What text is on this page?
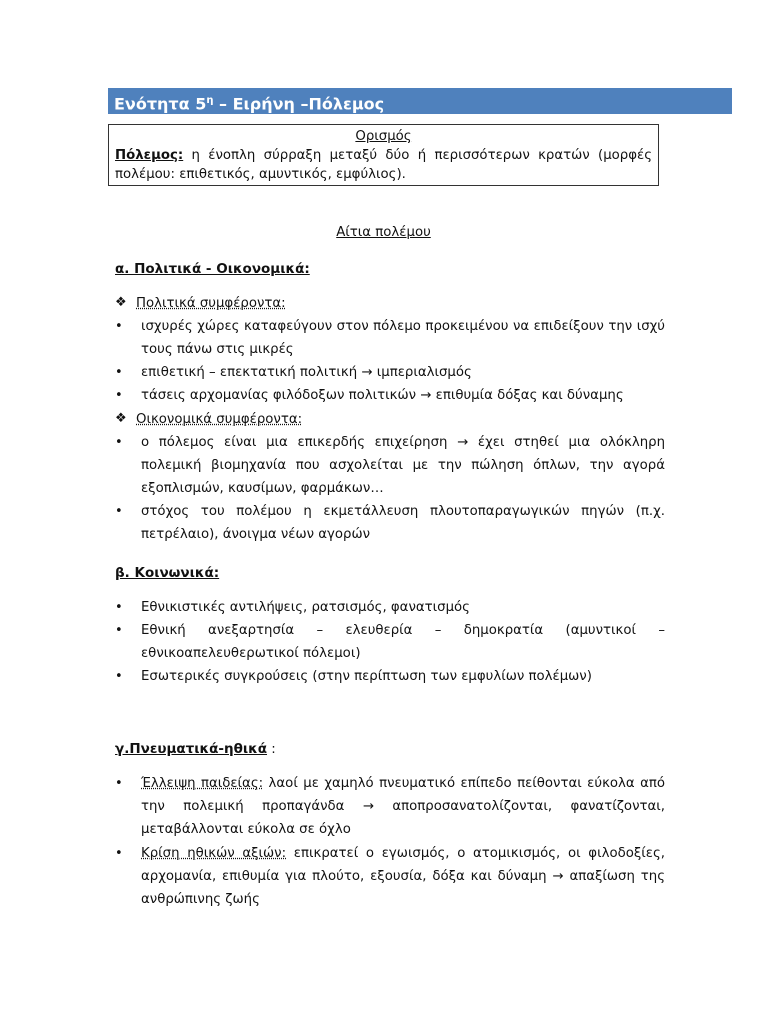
Ενότητα $5^\eta$ – Ειρήνη –Πόλεμος
Ορισμός
Πόλεμος: η ένοπλη σύρραξη μεταξύ δύο ή περισσότερων κρατών (μορφές πολέμου: επιθετικός, αμυντικός, εμφύλιος).
Αίτια πολέμου
α. Πολιτικά - Οικονομικά:
❖ Πολιτικά συμφέροντα:
•	ισχυρές χώρες καταφεύγουν στον πόλεμο προκειμένου να επιδείξουν την ισχύ τους πάνω στις μικρές
•	επιθετική – επεκτατική πολιτική → ιμπεριαλισμός
•	τάσεις αρχομανίας φιλόδοξων πολιτικών → επιθυμία δόξας και δύναμης
❖ Οικονομικά συμφέροντα:
•	ο πόλεμος είναι μια επικερδής επιχείρηση → έχει στηθεί μια ολόκληρη πολεμική βιομηχανία που ασχολείται με την πώληση όπλων, την αγορά εξοπλισμών, καυσίμων, φαρμάκων…
•	στόχος του πολέμου η εκμετάλλευση πλουτοπαραγωγικών πηγών (π.χ. πετρέλαιο), άνοιγμα νέων αγορών
β. Κοινωνικά:
•	Εθνικιστικές αντιλήψεις, ρατσισμός, φανατισμός
•	Εθνική ανεξαρτησία – ελευθερία – δημοκρατία (αμυντικοί – εθνικοαπελευθερωτικοί πόλεμοι)
•	Εσωτερικές συγκρούσεις (στην περίπτωση των εμφυλίων πολέμων)
γ.Πνευματικά-ηθικά :
•	Έλλειψη παιδείας: λαοί με χαμηλό πνευματικό επίπεδο πείθονται εύκολα από την πολεμική προπαγάνδα → αποπροσανατολίζονται, φανατίζονται, μεταβάλλονται εύκολα σε όχλο
•	Κρίση ηθικών αξιών: επικρατεί ο εγωισμός, ο ατομικισμός, οι φιλοδοξίες, αρχομανία, επιθυμία για πλούτο, εξουσία, δόξα και δύναμη → απαξίωση της ανθρώπινης ζωής
